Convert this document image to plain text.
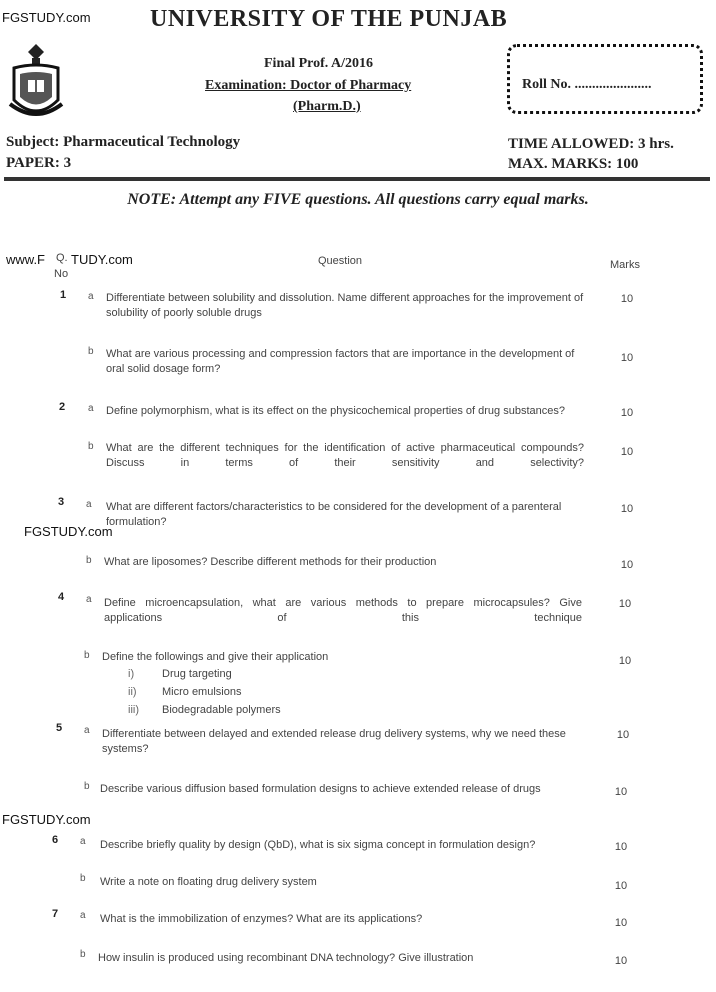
FGSTUDY.com
FGSTUDY.com
FGSTUDY.com
www.F TUDY.com
UNIVERSITY OF THE PUNJAB
Final Prof. A/2016
Examination: Doctor of Pharmacy
(Pharm.D.)
Roll No. ......................
Subject: Pharmaceutical Technology
PAPER: 3
TIME ALLOWED: 3 hrs.
MAX. MARKS: 100
NOTE: Attempt any FIVE questions. All questions carry equal marks.
Q.
No
Question	Marks
1 a Differentiate between solubility and dissolution. Name different approaches for the improvement of solubility of poorly soluble drugs
10
b What are various processing and compression factors that are importance in the development of oral solid dosage form?
10
2 a Define polymorphism, what is its effect on the physicochemical properties of drug substances?	10
b What are the different techniques for the identification of active pharmaceutical compounds? Discuss in terms of their sensitivity and selectivity?
10
3 a What are different factors/characteristics to be considered for the development of a parenteral formulation?
10
b What are liposomes? Describe different methods for their production	10
4 a Define microencapsulation, what are various methods to prepare microcapsules? Give applications of this technique
10
b Define the followings and give their application	10
i)	Drug targeting
ii) Micro emulsions
iii) Biodegradable polymers
5 a Differentiate between delayed and extended release drug delivery systems, why we need these systems?
10
b Describe various diffusion based formulation designs to achieve extended release of drugs	10
6 a Describe briefly quality by design (QbD), what is six sigma concept in formulation design?	10
b Write a note on floating drug delivery system	10
7 a What is the immobilization of enzymes? What are its applications?	10
b How insulin is produced using recombinant DNA technology? Give illustration	10
